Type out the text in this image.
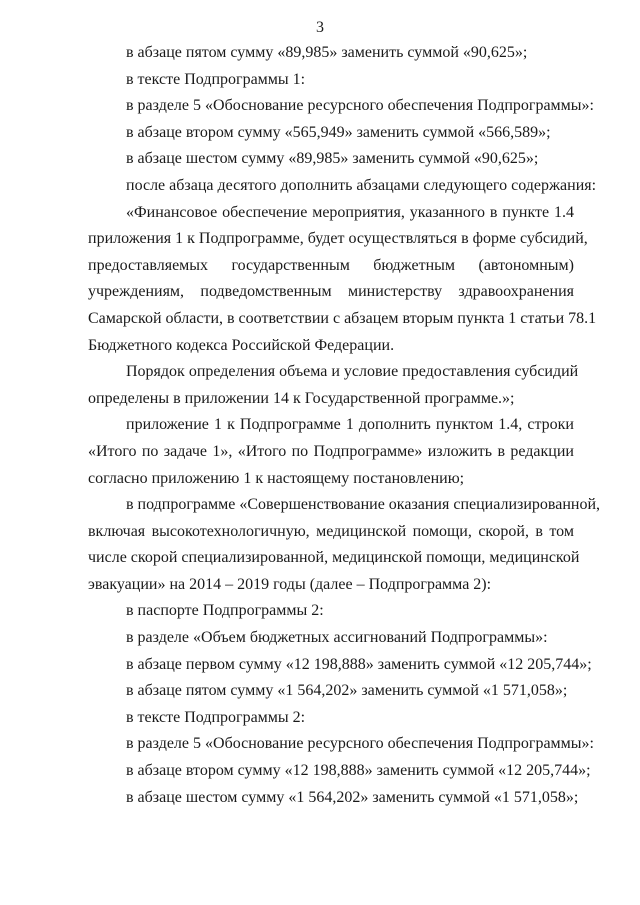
3
в абзаце пятом сумму «89,985» заменить суммой «90,625»;
в тексте Подпрограммы 1:
в разделе 5 «Обоснование ресурсного обеспечения Подпрограммы»:
в абзаце втором сумму «565,949» заменить суммой «566,589»;
в абзаце шестом сумму «89,985» заменить суммой «90,625»;
после абзаца десятого дополнить абзацами следующего содержания:
«Финансовое обеспечение мероприятия, указанного в пункте 1.4
приложения 1 к Подпрограмме, будет осуществляться в форме субсидий,
предоставляемых государственным бюджетным (автономным)
учреждениям, подведомственным министерству здравоохранения
Самарской области, в соответствии с абзацем вторым пункта 1 статьи 78.1
Бюджетного кодекса Российской Федерации.
Порядок определения объема и условие предоставления субсидий
определены в приложении 14 к Государственной программе.»;
приложение 1 к Подпрограмме 1 дополнить пунктом 1.4, строки
«Итого по задаче 1», «Итого по Подпрограмме» изложить в редакции
согласно приложению 1 к настоящему постановлению;
в подпрограмме «Совершенствование оказания специализированной,
включая высокотехнологичную, медицинской помощи, скорой, в том
числе скорой специализированной, медицинской помощи, медицинской
эвакуации» на 2014 – 2019 годы (далее – Подпрограмма 2):
в паспорте Подпрограммы 2:
в разделе «Объем бюджетных ассигнований Подпрограммы»:
в абзаце первом сумму «12 198,888» заменить суммой «12 205,744»;
в абзаце пятом сумму «1 564,202» заменить суммой «1 571,058»;
в тексте Подпрограммы 2:
в разделе 5 «Обоснование ресурсного обеспечения Подпрограммы»:
в абзаце втором сумму «12 198,888» заменить суммой «12 205,744»;
в абзаце шестом сумму «1 564,202» заменить суммой «1 571,058»;
